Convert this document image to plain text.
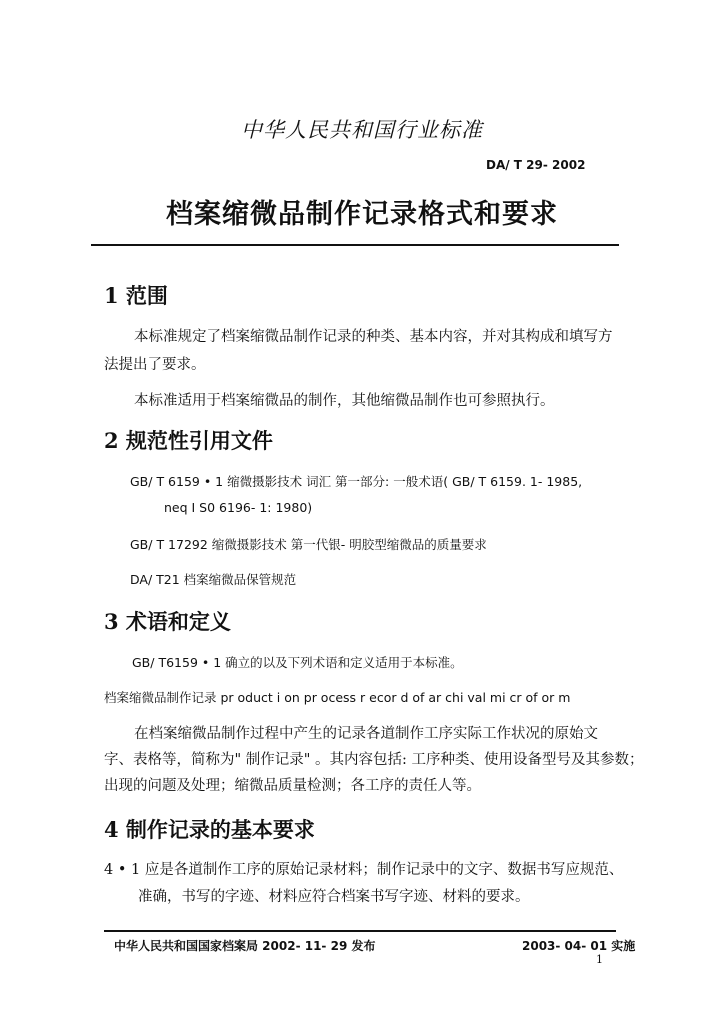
中华人民共和国行业标准
DA/ T 29- 2002
档案缩微品制作记录格式和要求
1 范围
本标准规定了档案缩微品制作记录的种类、基本内容，并对其构成和填写方
法提出了要求。
本标准适用于档案缩微品的制作，其他缩微品制作也可参照执行。
2 规范性引用文件
GB/ T 6159 • 1 缩微摄影技术 词汇 第一部分: 一般术语( GB/ T 6159. 1- 1985,
neq I S0 6196- 1: 1980)
GB/ T 17292 缩微摄影技术 第一代银- 明胶型缩微品的质量要求
DA/ T21 档案缩微品保管规范
3 术语和定义
GB/ T6159 • 1 确立的以及下列术语和定义适用于本标准。
档案缩微品制作记录 pr oduct i on pr ocess r ecor d of ar chi val mi cr of or m
在档案缩微品制作过程中产生的记录各道制作工序实际工作状况的原始文
字、表格等，简称为" 制作记录" 。其内容包括: 工序种类、使用设备型号及其参数；
出现的问题及处理；缩微品质量检测；各工序的责任人等。
4 制作记录的基本要求
4 • 1 应是各道制作工序的原始记录材料；制作记录中的文字、数据书写应规范、
准确，书写的字迹、材料应符合档案书写字迹、材料的要求。
中华人民共和国国家档案局 2002- 11- 29 发布	2003- 04- 01 实施
1
